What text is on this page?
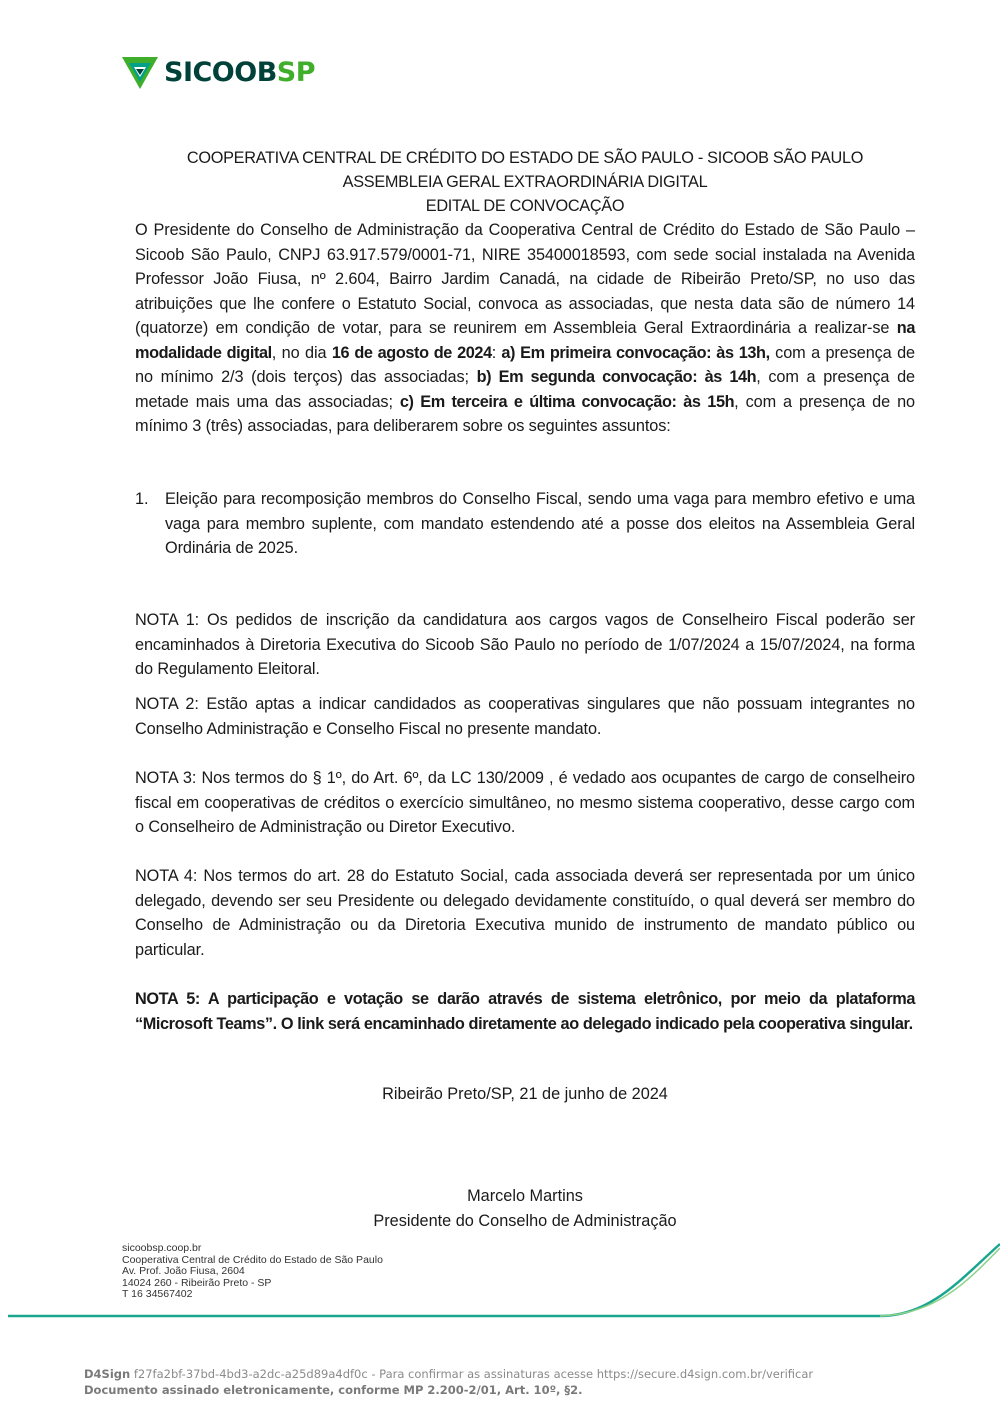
SICOOBSP
COOPERATIVA CENTRAL DE CRÉDITO DO ESTADO DE SÃO PAULO - SICOOB SÃO PAULO
ASSEMBLEIA GERAL EXTRAORDINÁRIA DIGITAL
EDITAL DE CONVOCAÇÃO
O Presidente do Conselho de Administração da Cooperativa Central de Crédito do Estado de São Paulo – Sicoob São Paulo, CNPJ 63.917.579/0001-71, NIRE 35400018593, com sede social instalada na Avenida Professor João Fiusa, nº 2.604, Bairro Jardim Canadá, na cidade de Ribeirão Preto/SP, no uso das atribuições que lhe confere o Estatuto Social, convoca as associadas, que nesta data são de número 14 (quatorze) em condição de votar, para se reunirem em Assembleia Geral Extraordinária a realizar-se na modalidade digital, no dia 16 de agosto de 2024: a) Em primeira convocação: às 13h, com a presença de no mínimo 2/3 (dois terços) das associadas; b) Em segunda convocação: às 14h, com a presença de metade mais uma das associadas; c) Em terceira e última convocação: às 15h, com a presença de no mínimo 3 (três) associadas, para deliberarem sobre os seguintes assuntos:
1.	Eleição para recomposição membros do Conselho Fiscal, sendo uma vaga para membro efetivo e uma vaga para membro suplente, com mandato estendendo até a posse dos eleitos na Assembleia Geral Ordinária de 2025.
NOTA 1: Os pedidos de inscrição da candidatura aos cargos vagos de Conselheiro Fiscal poderão ser encaminhados à Diretoria Executiva do Sicoob São Paulo no período de 1/07/2024 a 15/07/2024, na forma do Regulamento Eleitoral.
NOTA 2: Estão aptas a indicar candidados as cooperativas singulares que não possuam integrantes no Conselho Administração e Conselho Fiscal no presente mandato.
NOTA 3: Nos termos do § 1º, do Art. 6º, da LC 130/2009 , é vedado aos ocupantes de cargo de conselheiro fiscal em cooperativas de créditos o exercício simultâneo, no mesmo sistema cooperativo, desse cargo com o Conselheiro de Administração ou Diretor Executivo.
NOTA 4: Nos termos do art. 28 do Estatuto Social, cada associada deverá ser representada por um único delegado, devendo ser seu Presidente ou delegado devidamente constituído, o qual deverá ser membro do Conselho de Administração ou da Diretoria Executiva munido de instrumento de mandato público ou particular.
NOTA 5: A participação e votação se darão através de sistema eletrônico, por meio da plataforma “Microsoft Teams”. O link será encaminhado diretamente ao delegado indicado pela cooperativa singular.
Ribeirão Preto/SP, 21 de junho de 2024
Marcelo Martins
Presidente do Conselho de Administração
sicoobsp.coop.br
Cooperativa Central de Crédito do Estado de São Paulo
Av. Prof. João Fiusa, 2604
14024 260 - Ribeirão Preto - SP
T 16 34567402
D4Sign f27fa2bf-37bd-4bd3-a2dc-a25d89a4df0c - Para confirmar as assinaturas acesse https://secure.d4sign.com.br/verificar
Documento assinado eletronicamente, conforme MP 2.200-2/01, Art. 10º, §2.
